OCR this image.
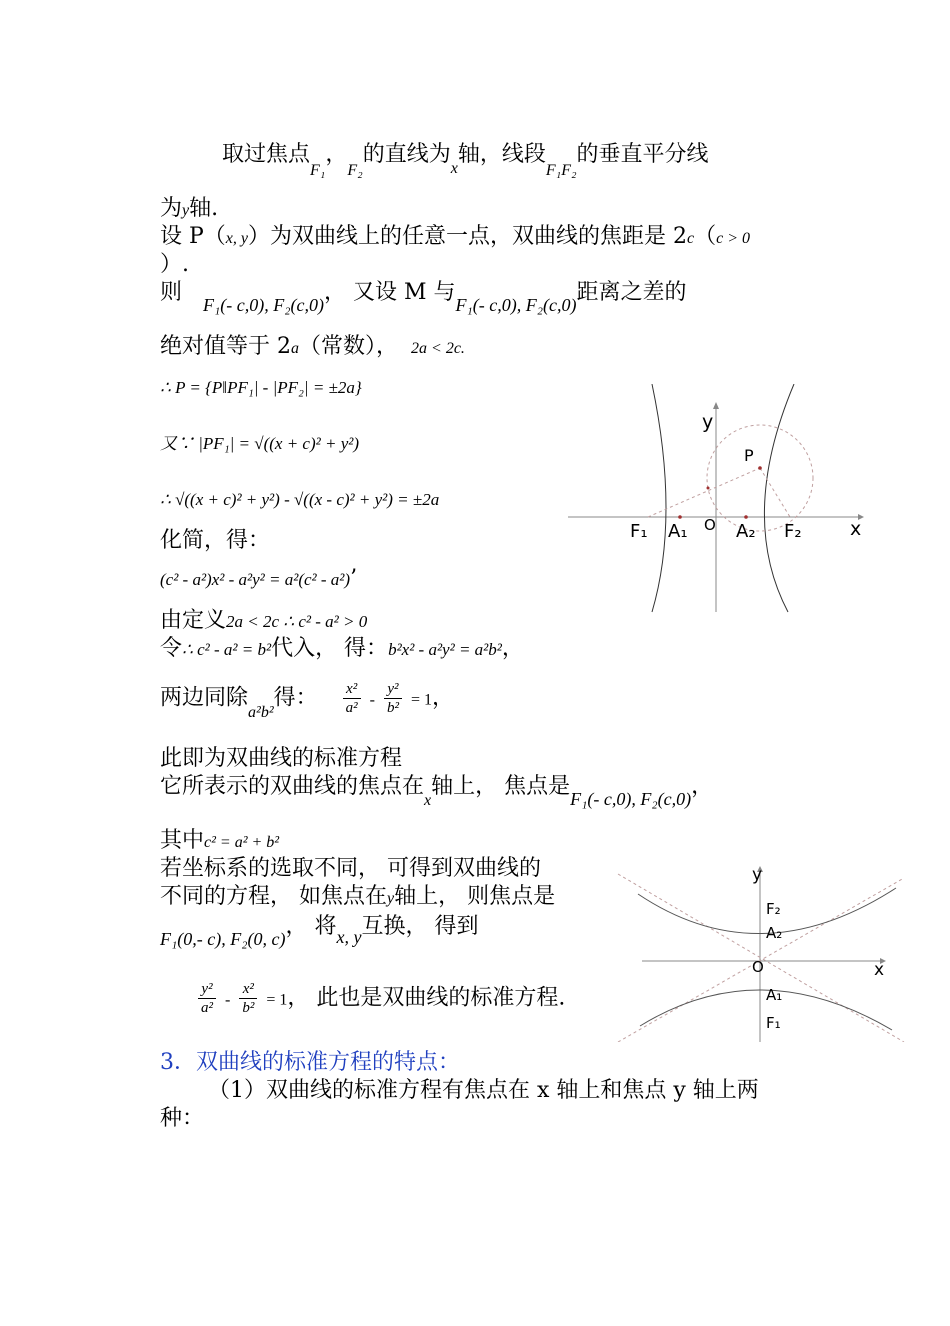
取过焦点$_{F_1}$，$_{F_2}$的直线为$_x$轴，线段$_{F_1F_2}$的垂直平分线
为y轴.
设 P（x, y）为双曲线上的任意一点，双曲线的焦距是 2c（c > 0
）.
则 $_{F_1(- c,0), F_2(c,0)}$， 又设 M 与$_{F_1(- c,0), F_2(c,0)}$距离之差的
绝对值等于 2a（常数）， 2a < 2c.
∴ P = {P‖PF₁| - |PF₂| = ±2a}
又∵ |PF₁| = √((x + c)² + y²)
∴ √((x + c)² + y²) - √((x - c)² + y²) = ±2a
化简，得：
(c² - a²)x² - a²y² = a²(c² - a²)’
由定义2a < 2c ∴ c² - a² > 0
令∴ c² - a² = b²代入， 得：b²x² - a²y² = a²b²，
两边同除$_{a^2b^2}$得： $\frac{\text{x²}}{\text{a²}} - \frac{\text{y²}}{\text{b²}} = 1$，
此即为双曲线的标准方程
它所表示的双曲线的焦点在$_x$轴上， 焦点是$_{F_1(- c,0), F_2(c,0)}$，
其中c² = a² + b²
若坐标系的选取不同， 可得到双曲线的
不同的方程， 如焦点在y轴上， 则焦点是
$_{F_1(0,- c), F_2(0, c)}$， 将$_{x, y}$互换， 得到
$\frac{\text{y²}}{\text{a²}} - \frac{\text{x²}}{\text{b²}} = 1$， 此也是双曲线的标准方程.
3．双曲线的标准方程的特点：
（1）双曲线的标准方程有焦点在 x 轴上和焦点 y 轴上两
种：
y
P
O
F₁ A₁	A₂ F₂	x
y
F₂
A₂
O	x
A₁
F₁
